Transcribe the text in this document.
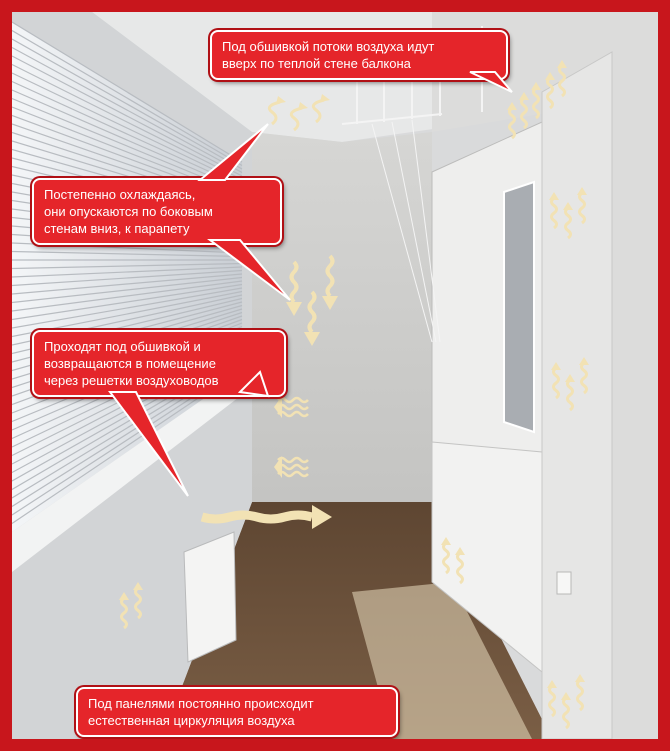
Под обшивкой потоки воздуха идут
вверх по теплой стене балкона
Постепенно охлаждаясь,
они опускаются по боковым
стенам вниз, к парапету
Проходят под обшивкой и
возвращаются в помещение
через решетки воздуховодов
Под панелями постоянно происходит
естественная циркуляция воздуха
